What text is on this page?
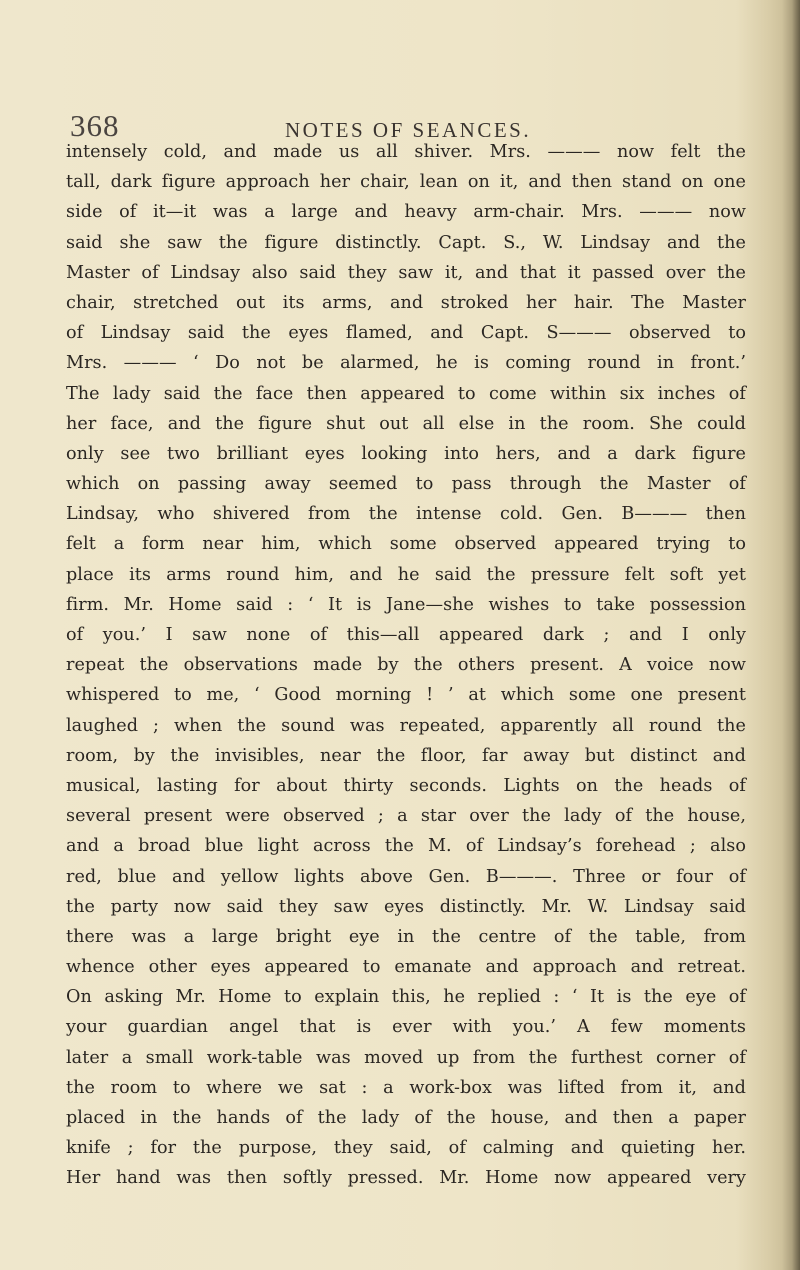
368	NOTES OF SEANCES.
intensely cold, and made us all shiver. Mrs. ——— now felt the
tall, dark figure approach her chair, lean on it, and then stand on one
side of it—it was a large and heavy arm-chair. Mrs. ——— now
said she saw the figure distinctly. Capt. S., W. Lindsay and the
Master of Lindsay also said they saw it, and that it passed over the
chair, stretched out its arms, and stroked her hair. The Master
of Lindsay said the eyes flamed, and Capt. S——— observed to
Mrs. ——— ‘ Do not be alarmed, he is coming round in front.’
The lady said the face then appeared to come within six inches of
her face, and the figure shut out all else in the room. She could
only see two brilliant eyes looking into hers, and a dark figure
which on passing away seemed to pass through the Master of
Lindsay, who shivered from the intense cold. Gen. B——— then
felt a form near him, which some observed appeared trying to
place its arms round him, and he said the pressure felt soft yet
firm. Mr. Home said : ‘ It is Jane—she wishes to take possession
of you.’ I saw none of this—all appeared dark ; and I only
repeat the observations made by the others present. A voice now
whispered to me, ‘ Good morning ! ’ at which some one present
laughed ; when the sound was repeated, apparently all round the
room, by the invisibles, near the floor, far away but distinct and
musical, lasting for about thirty seconds. Lights on the heads of
several present were observed ; a star over the lady of the house,
and a broad blue light across the M. of Lindsay’s forehead ; also
red, blue and yellow lights above Gen. B———. Three or four of
the party now said they saw eyes distinctly. Mr. W. Lindsay said
there was a large bright eye in the centre of the table, from
whence other eyes appeared to emanate and approach and retreat.
On asking Mr. Home to explain this, he replied : ‘ It is the eye of
your guardian angel that is ever with you.’ A few moments
later a small work-table was moved up from the furthest corner of
the room to where we sat : a work-box was lifted from it, and
placed in the hands of the lady of the house, and then a paper
knife ; for the purpose, they said, of calming and quieting her.
Her hand was then softly pressed. Mr. Home now appeared very
